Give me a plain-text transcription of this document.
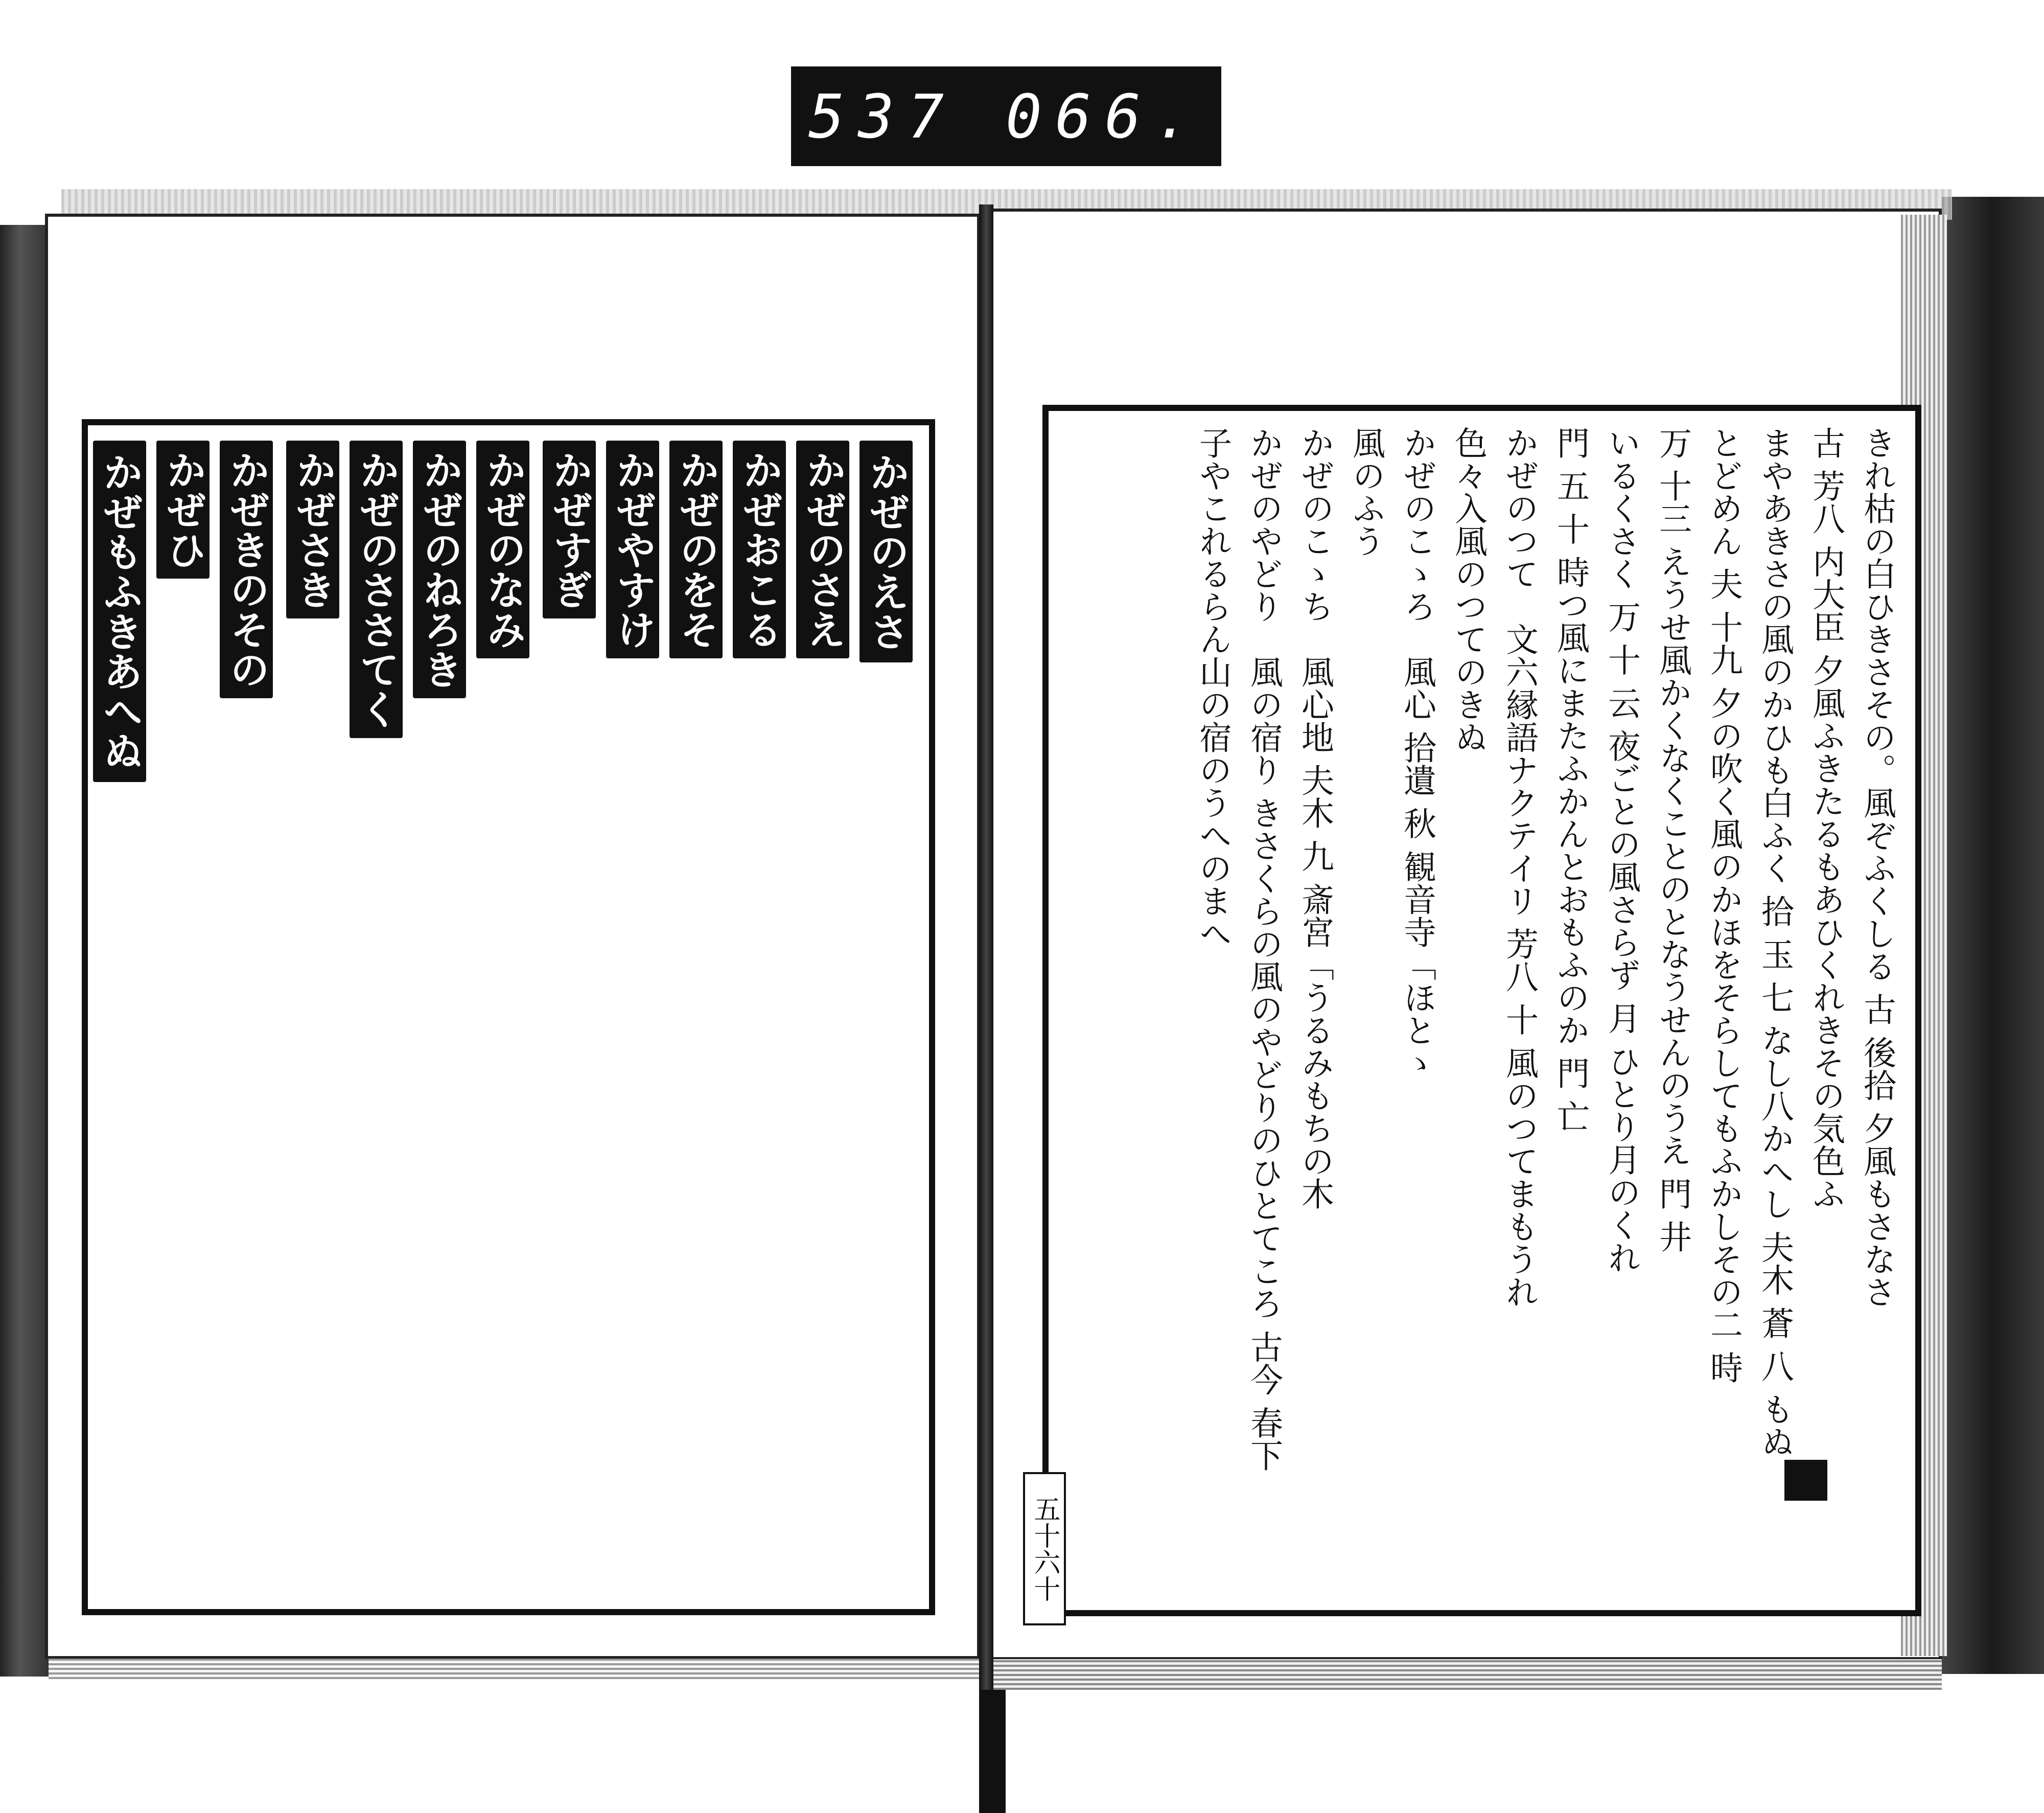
537 066.
かぜのえさ
かぜのさえ
かぜおこる
かぜのをそ
かぜやすけ
かぜすぎ
かぜのなみ
かぜのねろき
かぜのささてく
かぜさき
かぜきのその
かぜひ
かぜもふきあへぬ	きれ枯の白ひきさその。風ぞふくしる 古 後拾 夕風もさなさ
古 芳八 内大臣 夕風ふきたるもあひくれきその気色ふ
まやあきさの風のかひも白ふく 拾 玉 七 なし八かへし 夫木 蒼 八 もぬ
とどめん 夫 十九 夕の吹く風のかほをそらしてもふかしその二 時
万 十三 えうせ風かくなくことのとなうせんのうえ 門 井
いるくさく 万 十 云 夜ごとの風さらず 月 ひとり月のくれ
門 五 十 時つ風にまたふかんとおもふのか 門 亡
かぜのつて　文六縁語ナクテイリ 芳八 十 風のつてまもうれ
色々入風のつてのきぬ
かぜのこゝろ　風心 拾遺 秋 観音寺「ほとゝ
風のふう
かぜのこゝち　風心地 夫木 九 斎宮「うるみもちの木
かぜのやどり　風の宿り きさくらの風のやどりのひとてころ 古今 春下
子やこれるらん山の宿のうへのまへ
五十六十
